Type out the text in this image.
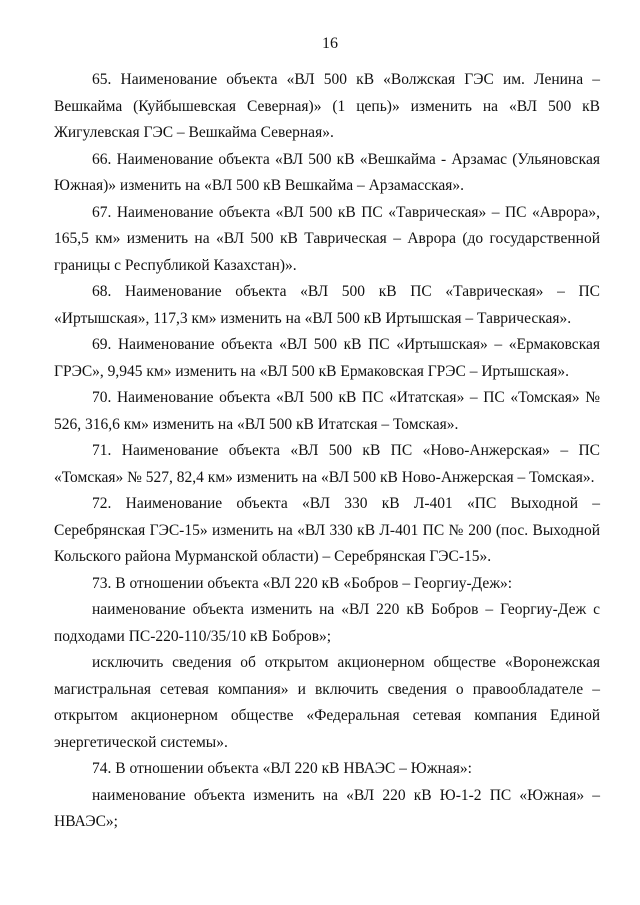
16

65. Наименование объекта «ВЛ 500 кВ «Волжская ГЭС им. Ленина – Вешкайма (Куйбышевская Северная)» (1 цепь)» изменить на «ВЛ 500 кВ Жигулевская ГЭС – Вешкайма Северная».

66. Наименование объекта «ВЛ 500 кВ «Вешкайма - Арзамас (Ульяновская Южная)» изменить на «ВЛ 500 кВ Вешкайма – Арзамасская».

67. Наименование объекта «ВЛ 500 кВ ПС «Таврическая» – ПС «Аврора», 165,5 км» изменить на «ВЛ 500 кВ Таврическая – Аврора (до государственной границы с Республикой Казахстан)».

68. Наименование объекта «ВЛ 500 кВ ПС «Таврическая» – ПС «Иртышская», 117,3 км» изменить на «ВЛ 500 кВ Иртышская – Таврическая».

69. Наименование объекта «ВЛ 500 кВ ПС «Иртышская» – «Ермаковская ГРЭС», 9,945 км» изменить на «ВЛ 500 кВ Ермаковская ГРЭС – Иртышская».

70. Наименование объекта «ВЛ 500 кВ ПС «Итатская» – ПС «Томская» № 526, 316,6 км» изменить на «ВЛ 500 кВ Итатская – Томская».

71. Наименование объекта «ВЛ 500 кВ ПС «Ново-Анжерская» – ПС «Томская» № 527, 82,4 км» изменить на «ВЛ 500 кВ Ново-Анжерская – Томская».

72. Наименование объекта «ВЛ 330 кВ Л-401 «ПС Выходной – Серебрянская ГЭС-15» изменить на «ВЛ 330 кВ Л-401 ПС № 200 (пос. Выходной Кольского района Мурманской области) – Серебрянская ГЭС-15».

73. В отношении объекта «ВЛ 220 кВ «Бобров – Георгиу-Деж»:

наименование объекта изменить на «ВЛ 220 кВ Бобров – Георгиу-Деж с подходами ПС-220-110/35/10 кВ Бобров»;

исключить сведения об открытом акционерном обществе «Воронежская магистральная сетевая компания» и включить сведения о правообладателе – открытом акционерном обществе «Федеральная сетевая компания Единой энергетической системы».

74. В отношении объекта «ВЛ 220 кВ НВАЭС – Южная»:

наименование объекта изменить на «ВЛ 220 кВ Ю-1-2 ПС «Южная» – НВАЭС»;
